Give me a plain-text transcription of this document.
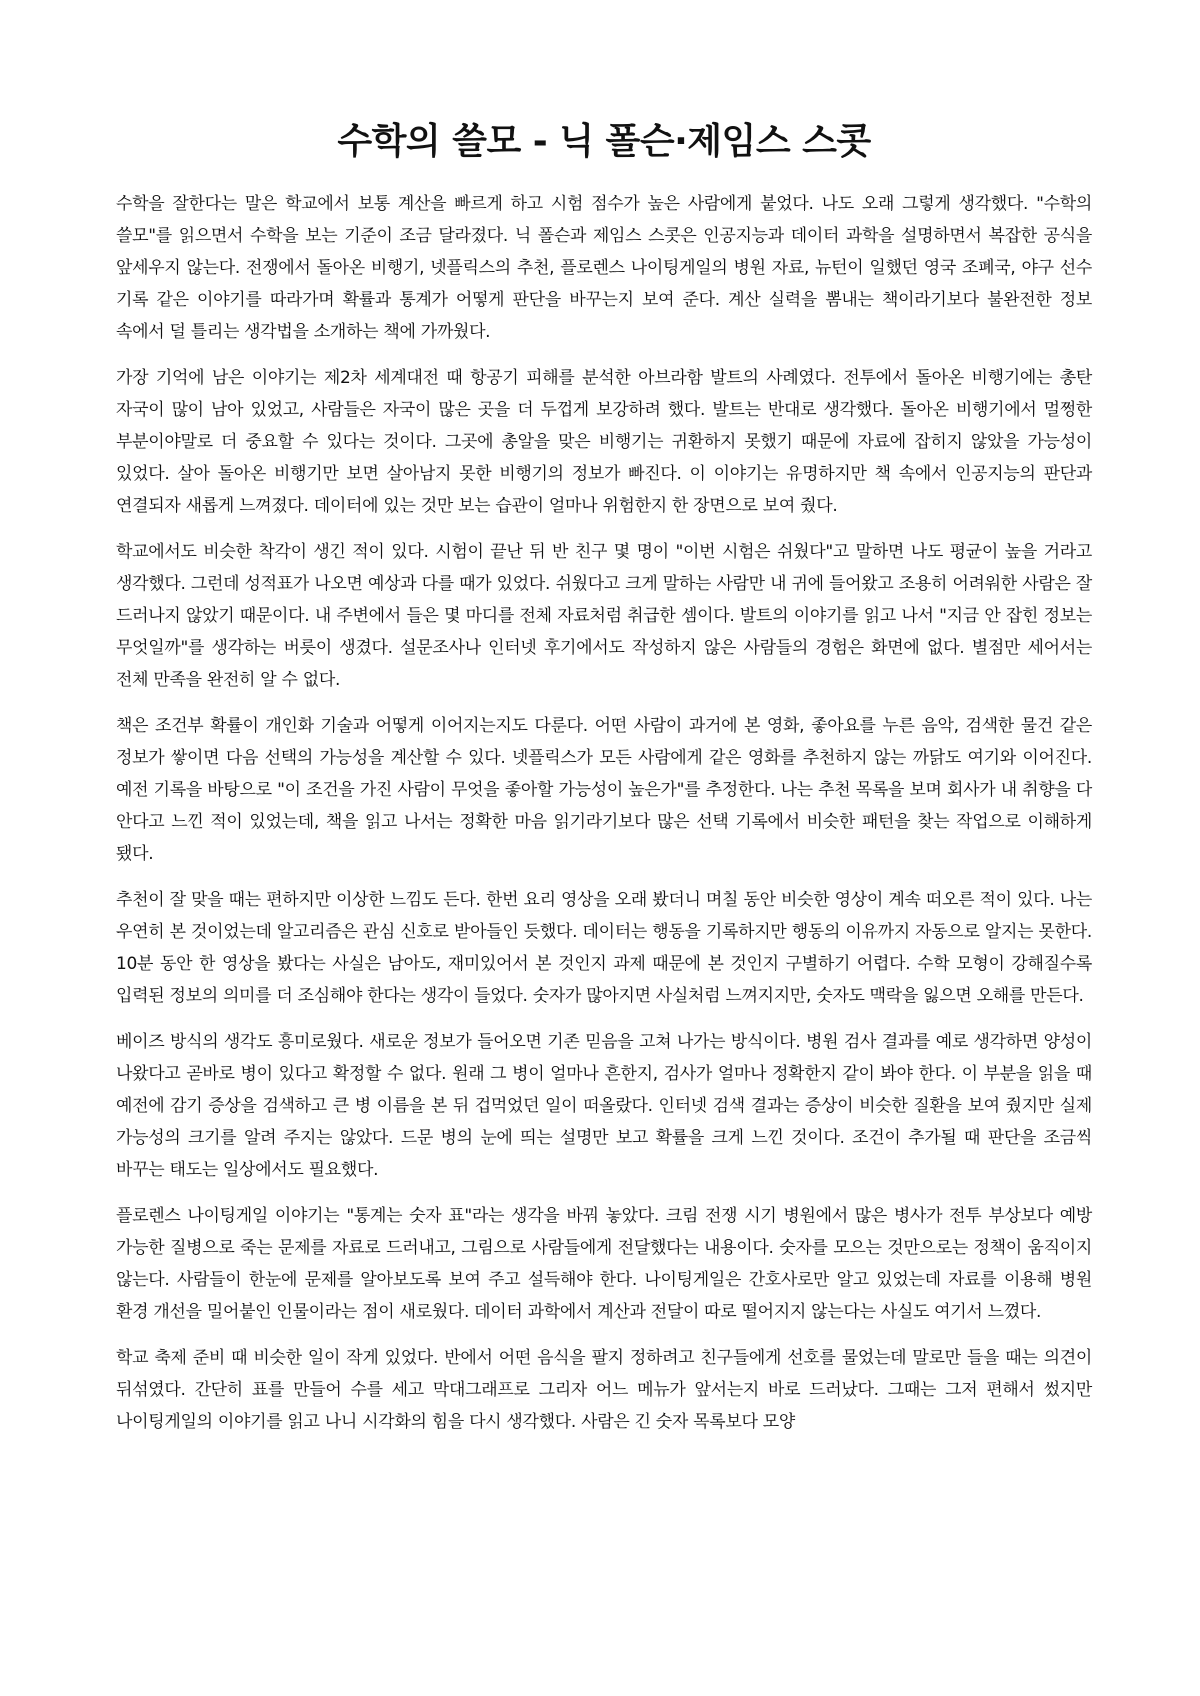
수학의 쓸모 - 닉 폴슨·제임스 스콧

수학을 잘한다는 말은 학교에서 보통 계산을 빠르게 하고 시험 점수가 높은 사람에게 붙었다. 나도 오래 그렇게 생각했다. "수학의 쓸모"를 읽으면서 수학을 보는 기준이 조금 달라졌다. 닉 폴슨과 제임스 스콧은 인공지능과 데이터 과학을 설명하면서 복잡한 공식을 앞세우지 않는다. 전쟁에서 돌아온 비행기, 넷플릭스의 추천, 플로렌스 나이팅게일의 병원 자료, 뉴턴이 일했던 영국 조폐국, 야구 선수 기록 같은 이야기를 따라가며 확률과 통계가 어떻게 판단을 바꾸는지 보여 준다. 계산 실력을 뽐내는 책이라기보다 불완전한 정보 속에서 덜 틀리는 생각법을 소개하는 책에 가까웠다.

가장 기억에 남은 이야기는 제2차 세계대전 때 항공기 피해를 분석한 아브라함 발트의 사례였다. 전투에서 돌아온 비행기에는 총탄 자국이 많이 남아 있었고, 사람들은 자국이 많은 곳을 더 두껍게 보강하려 했다. 발트는 반대로 생각했다. 돌아온 비행기에서 멀쩡한 부분이야말로 더 중요할 수 있다는 것이다. 그곳에 총알을 맞은 비행기는 귀환하지 못했기 때문에 자료에 잡히지 않았을 가능성이 있었다. 살아 돌아온 비행기만 보면 살아남지 못한 비행기의 정보가 빠진다. 이 이야기는 유명하지만 책 속에서 인공지능의 판단과 연결되자 새롭게 느껴졌다. 데이터에 있는 것만 보는 습관이 얼마나 위험한지 한 장면으로 보여 줬다.

학교에서도 비슷한 착각이 생긴 적이 있다. 시험이 끝난 뒤 반 친구 몇 명이 "이번 시험은 쉬웠다"고 말하면 나도 평균이 높을 거라고 생각했다. 그런데 성적표가 나오면 예상과 다를 때가 있었다. 쉬웠다고 크게 말하는 사람만 내 귀에 들어왔고 조용히 어려워한 사람은 잘 드러나지 않았기 때문이다. 내 주변에서 들은 몇 마디를 전체 자료처럼 취급한 셈이다. 발트의 이야기를 읽고 나서 "지금 안 잡힌 정보는 무엇일까"를 생각하는 버릇이 생겼다. 설문조사나 인터넷 후기에서도 작성하지 않은 사람들의 경험은 화면에 없다. 별점만 세어서는 전체 만족을 완전히 알 수 없다.

책은 조건부 확률이 개인화 기술과 어떻게 이어지는지도 다룬다. 어떤 사람이 과거에 본 영화, 좋아요를 누른 음악, 검색한 물건 같은 정보가 쌓이면 다음 선택의 가능성을 계산할 수 있다. 넷플릭스가 모든 사람에게 같은 영화를 추천하지 않는 까닭도 여기와 이어진다. 예전 기록을 바탕으로 "이 조건을 가진 사람이 무엇을 좋아할 가능성이 높은가"를 추정한다. 나는 추천 목록을 보며 회사가 내 취향을 다 안다고 느낀 적이 있었는데, 책을 읽고 나서는 정확한 마음 읽기라기보다 많은 선택 기록에서 비슷한 패턴을 찾는 작업으로 이해하게 됐다.

추천이 잘 맞을 때는 편하지만 이상한 느낌도 든다. 한번 요리 영상을 오래 봤더니 며칠 동안 비슷한 영상이 계속 떠오른 적이 있다. 나는 우연히 본 것이었는데 알고리즘은 관심 신호로 받아들인 듯했다. 데이터는 행동을 기록하지만 행동의 이유까지 자동으로 알지는 못한다. 10분 동안 한 영상을 봤다는 사실은 남아도, 재미있어서 본 것인지 과제 때문에 본 것인지 구별하기 어렵다. 수학 모형이 강해질수록 입력된 정보의 의미를 더 조심해야 한다는 생각이 들었다. 숫자가 많아지면 사실처럼 느껴지지만, 숫자도 맥락을 잃으면 오해를 만든다.

베이즈 방식의 생각도 흥미로웠다. 새로운 정보가 들어오면 기존 믿음을 고쳐 나가는 방식이다. 병원 검사 결과를 예로 생각하면 양성이 나왔다고 곧바로 병이 있다고 확정할 수 없다. 원래 그 병이 얼마나 흔한지, 검사가 얼마나 정확한지 같이 봐야 한다. 이 부분을 읽을 때 예전에 감기 증상을 검색하고 큰 병 이름을 본 뒤 겁먹었던 일이 떠올랐다. 인터넷 검색 결과는 증상이 비슷한 질환을 보여 줬지만 실제 가능성의 크기를 알려 주지는 않았다. 드문 병의 눈에 띄는 설명만 보고 확률을 크게 느낀 것이다. 조건이 추가될 때 판단을 조금씩 바꾸는 태도는 일상에서도 필요했다.

플로렌스 나이팅게일 이야기는 "통계는 숫자 표"라는 생각을 바꿔 놓았다. 크림 전쟁 시기 병원에서 많은 병사가 전투 부상보다 예방 가능한 질병으로 죽는 문제를 자료로 드러내고, 그림으로 사람들에게 전달했다는 내용이다. 숫자를 모으는 것만으로는 정책이 움직이지 않는다. 사람들이 한눈에 문제를 알아보도록 보여 주고 설득해야 한다. 나이팅게일은 간호사로만 알고 있었는데 자료를 이용해 병원 환경 개선을 밀어붙인 인물이라는 점이 새로웠다. 데이터 과학에서 계산과 전달이 따로 떨어지지 않는다는 사실도 여기서 느꼈다.

학교 축제 준비 때 비슷한 일이 작게 있었다. 반에서 어떤 음식을 팔지 정하려고 친구들에게 선호를 물었는데 말로만 들을 때는 의견이 뒤섞였다. 간단히 표를 만들어 수를 세고 막대그래프로 그리자 어느 메뉴가 앞서는지 바로 드러났다. 그때는 그저 편해서 썼지만 나이팅게일의 이야기를 읽고 나니 시각화의 힘을 다시 생각했다. 사람은 긴 숫자 목록보다 모양
